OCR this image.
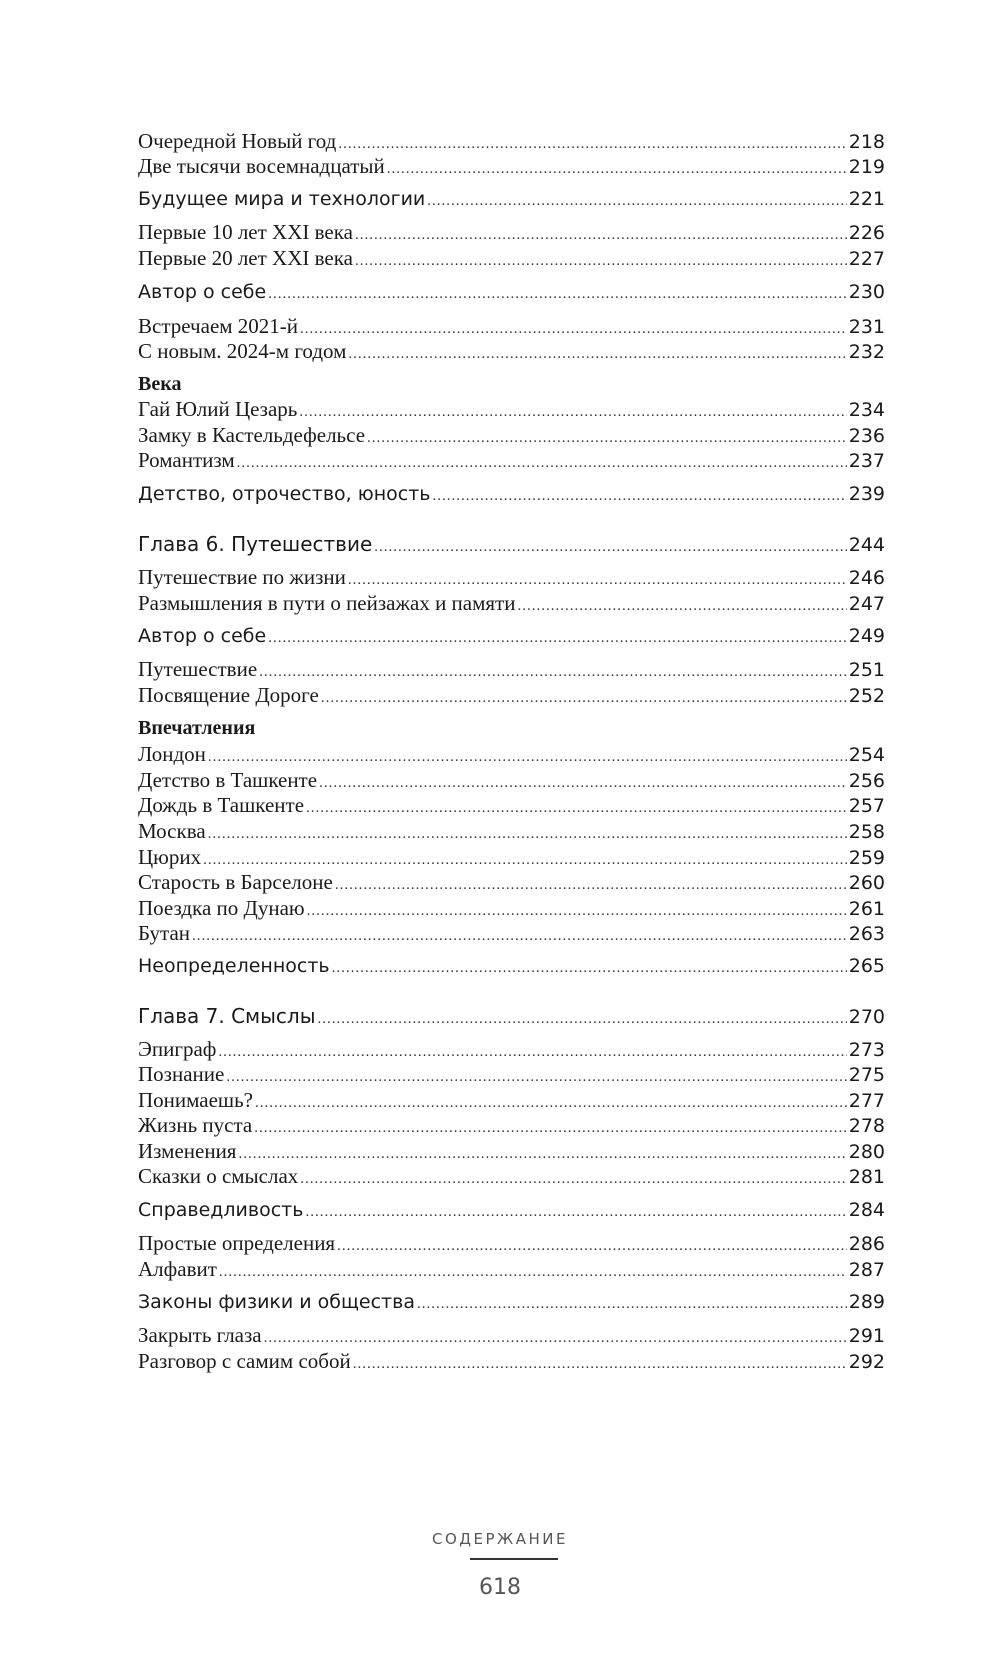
Очередной Новый год .....	218
Две тысячи восемнадцатый .....	219
Будущее мира и технологии .....	221
Первые 10 лет XXI века .....	226
Первые 20 лет XXI века .....	227
Автор о себе .....	230
Встречаем 2021-й .....	231
С новым. 2024-м годом .....	232
Гай Юлий Цезарь .....	234
Замку в Кастельдефельсе .....	236
Романтизм .....	237
Детство, отрочество, юность .....	239
Глава 6. Путешествие .....	244
Путешествие по жизни .....	246
Размышления в пути о пейзажах и памяти .....	247
Автор о себе .....	249
Путешествие .....	251
Посвящение Дороге .....	252
Лондон .....	254
Детство в Ташкенте .....	256
Дождь в Ташкенте .....	257
Москва .....	258
Цюрих .....	259
Старость в Барселоне .....	260
Поездка по Дунаю .....	261
Бутан .....	263
Неопределенность .....	265
Глава 7. Смыслы .....	270
Эпиграф .....	273
Познание .....	275
Понимаешь? .....	277
Жизнь пуста .....	278
Изменения .....	280
Сказки о смыслах .....	281
Справедливость .....	284
Простые определения .....	286
Алфавит .....	287
Законы физики и общества .....	289
Закрыть глаза .....	291
Разговор с самим собой .....	292
Века
Впечатления
СОДЕРЖАНИЕ
618
